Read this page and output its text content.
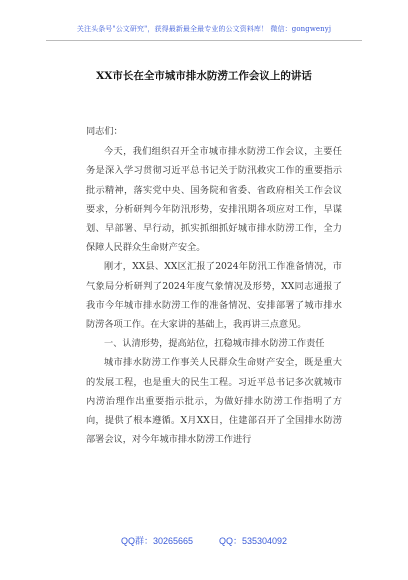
关注头条号"公文研究"，获得最新最全最专业的公文资料库！ 微信：gongwenyj
XX市长在全市城市排水防涝工作会议上的讲话

同志们：

今天，我们组织召开全市城市排水防涝工作会议，主要任务是深入学习贯彻习近平总书记关于防汛救灾工作的重要指示批示精神，落实党中央、国务院和省委、省政府相关工作会议要求，分析研判今年防汛形势，安排汛期各项应对工作，早谋划、早部署、早行动，抓实抓细抓好城市排水防涝工作，全力保障人民群众生命财产安全。

刚才，XX县、XX区汇报了2024年防汛工作准备情况，市气象局分析研判了2024年度气象情况及形势，XX同志通报了我市今年城市排水防涝工作的准备情况、安排部署了城市排水防涝各项工作。在大家讲的基础上，我再讲三点意见。

一、认清形势，提高站位，扛稳城市排水防涝工作责任

城市排水防涝工作事关人民群众生命财产安全，既是重大的发展工程，也是重大的民生工程。习近平总书记多次就城市内涝治理作出重要指示批示，为做好排水防涝工作指明了方向，提供了根本遵循。X月XX日，住建部召开了全国排水防涝部署会议，对今年城市排水防涝工作进行

QQ群：30265665	QQ：535304092
